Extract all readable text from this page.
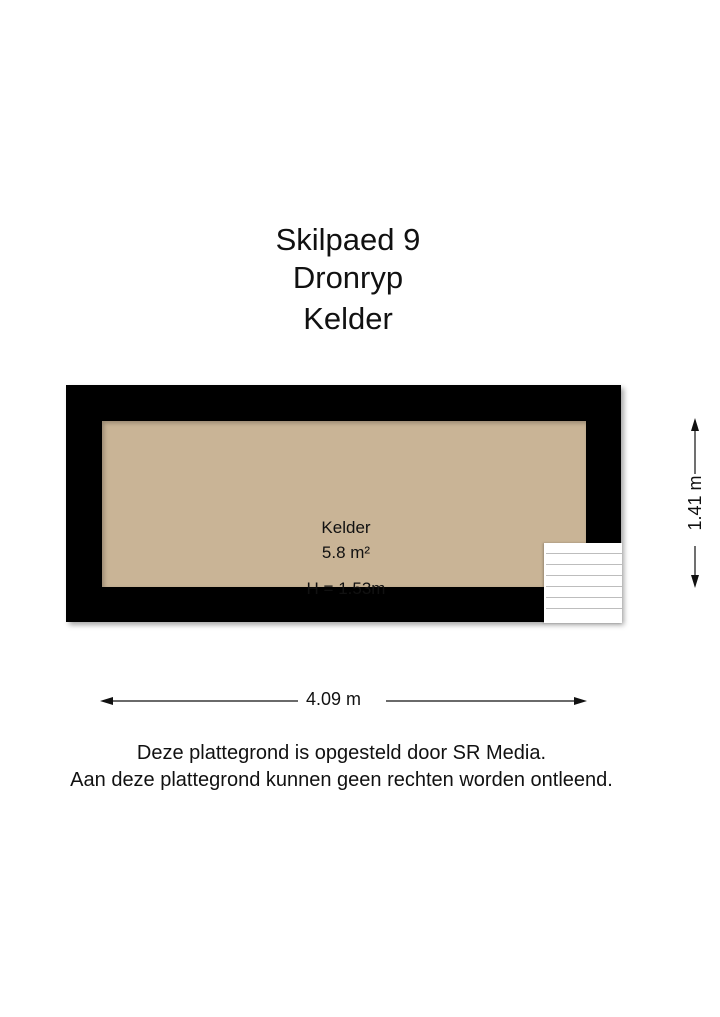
Skilpaed 9
Dronryp
Kelder
Kelder
5.8 m²
H = 1.53m
4.09 m
1.41 m
Deze plattegrond is opgesteld door SR Media.
Aan deze plattegrond kunnen geen rechten worden ontleend.
